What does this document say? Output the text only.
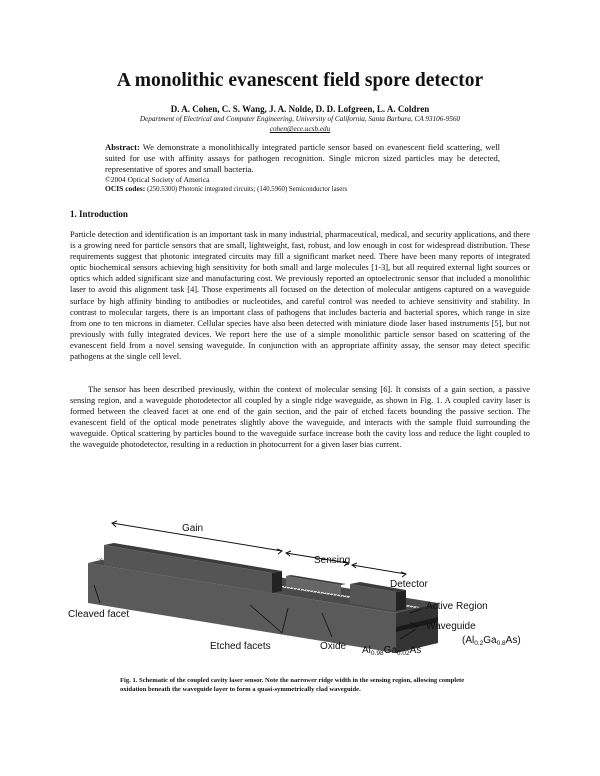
A monolithic evanescent field spore detector
D. A. Cohen, C. S. Wang, J. A. Nolde, D. D. Lofgreen, L. A. Coldren
Department of Electrical and Computer Engineering, University of California, Santa Barbara, CA 93106-9560
cohen@ece.ucsb.edu
Abstract: We demonstrate a monolithically integrated particle sensor based on evanescent field scattering, well suited for use with affinity assays for pathogen recognition. Single micron sized particles may be detected, representative of spores and small bacteria.
©2004 Optical Society of America
OCIS codes: (250.5300) Photonic integrated circuits; (140.5960) Semiconductor lasers
1. Introduction
Particle detection and identification is an important task in many industrial, pharmaceutical, medical, and security applications, and there is a growing need for particle sensors that are small, lightweight, fast, robust, and low enough in cost for widespread distribution. These requirements suggest that photonic integrated circuits may fill a significant market need. There have been many reports of integrated optic biochemical sensors achieving high sensitivity for both small and large molecules [1-3], but all required external light sources or optics which added significant size and manufacturing cost. We previously reported an optoelectronic sensor that included a monolithic laser to avoid this alignment task [4]. Those experiments all focused on the detection of molecular antigens captured on a waveguide surface by high affinity binding to antibodies or nucleotides, and careful control was needed to achieve sensitivity and stability. In contrast to molecular targets, there is an important class of pathogens that includes bacteria and bacterial spores, which range in size from one to ten microns in diameter. Cellular species have also been detected with miniature diode laser based instruments [5], but not previously with fully integrated devices. We report here the use of a simple monolithic particle sensor based on scattering of the evanescent field from a novel sensing waveguide. In conjunction with an appropriate affinity assay, the sensor may detect specific pathogens at the single cell level.
The sensor has been described previously, within the context of molecular sensing [6]. It consists of a gain section, a passive sensing region, and a waveguide photodetector all coupled by a single ridge waveguide, as shown in Fig. 1. A coupled cavity laser is formed between the cleaved facet at one end of the gain section, and the pair of etched facets bounding the passive section. The evanescent field of the optical mode penetrates slightly above the waveguide, and interacts with the sample fluid surrounding the waveguide. Optical scattering by particles bound to the waveguide surface increase both the cavity loss and reduce the light coupled to the waveguide photodetector, resulting in a reduction in photocurrent for a given laser bias current.
Gain
Sensing
Detector
Active Region
Waveguide
$(Al_{0.2}Ga_{0.8}As)$
Cleaved facet
Etched facets	Oxide $Al_{0.98}Ga_{0.02}As$
Fig. 1. Schematic of the coupled cavity laser sensor. Note the narrower ridge width in the sensing region, allowing complete oxidation beneath the waveguide layer to form a quasi-symmetrically clad waveguide.
